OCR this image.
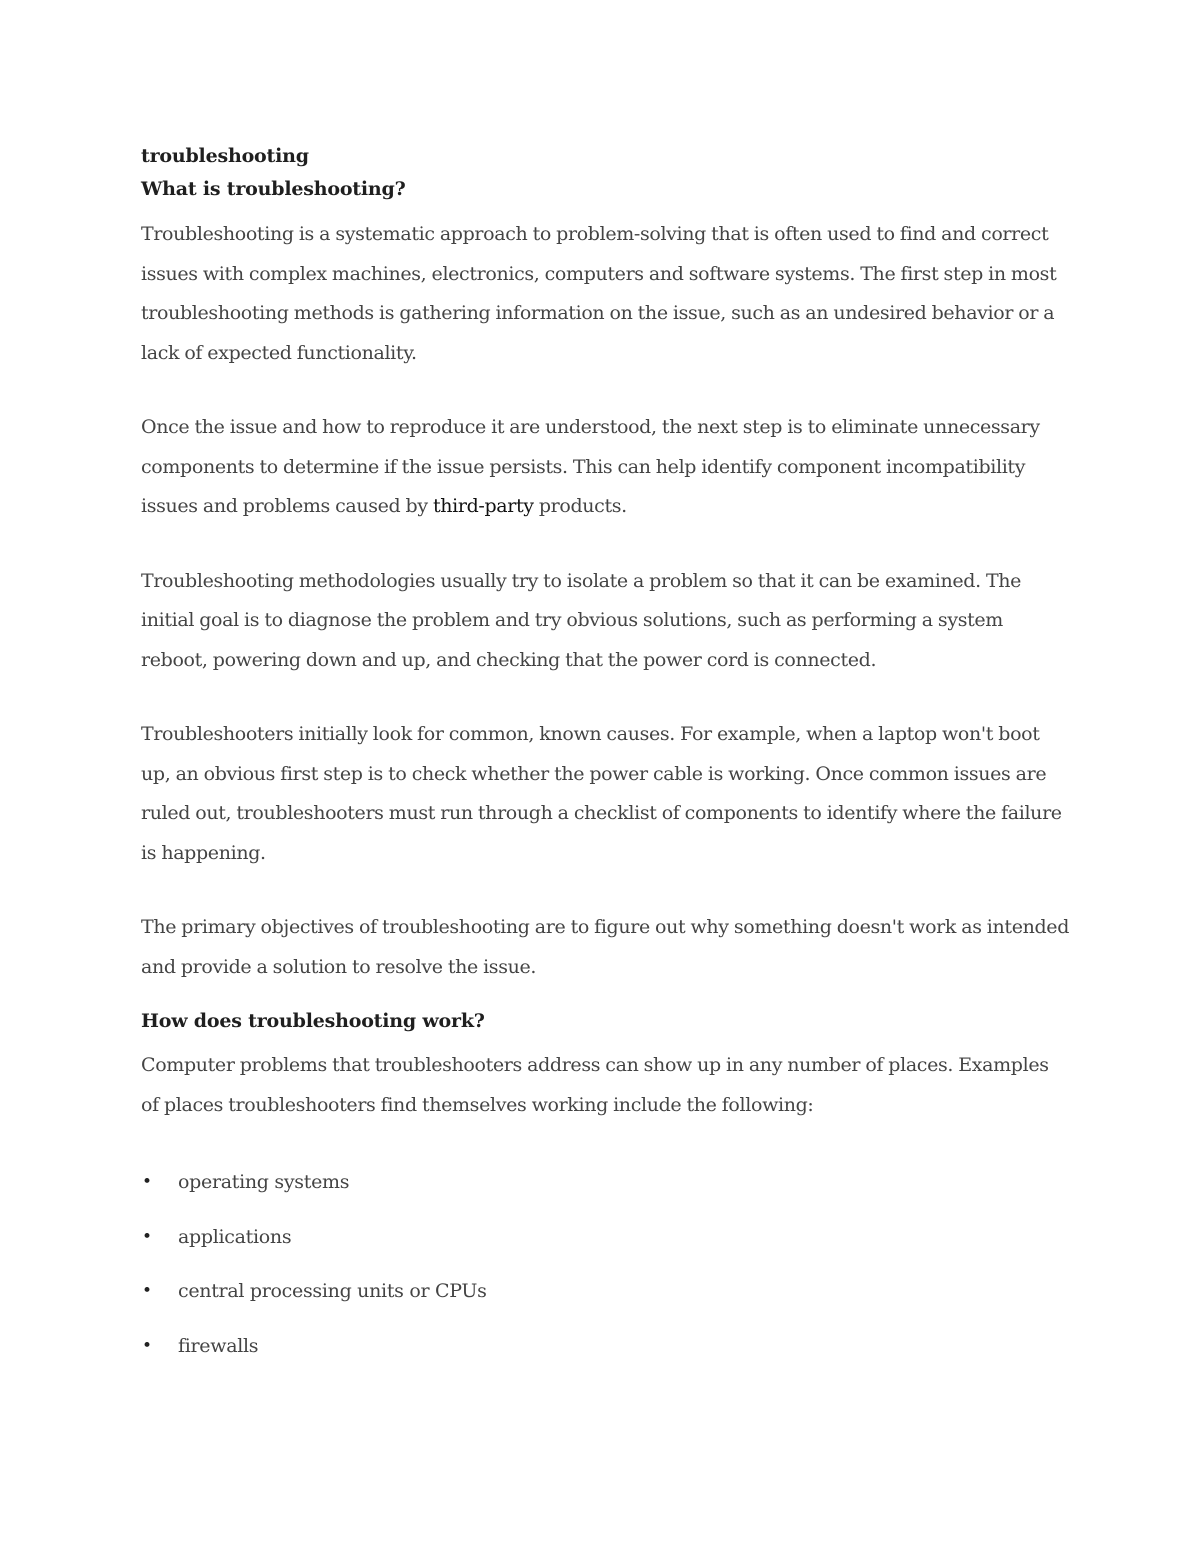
troubleshooting
What is troubleshooting?

Troubleshooting is a systematic approach to problem-solving that is often used to find and correct issues with complex machines, electronics, computers and software systems. The first step in most troubleshooting methods is gathering information on the issue, such as an undesired behavior or a lack of expected functionality.

Once the issue and how to reproduce it are understood, the next step is to eliminate unnecessary components to determine if the issue persists. This can help identify component incompatibility issues and problems caused by third-party products.

Troubleshooting methodologies usually try to isolate a problem so that it can be examined. The initial goal is to diagnose the problem and try obvious solutions, such as performing a system reboot, powering down and up, and checking that the power cord is connected.

Troubleshooters initially look for common, known causes. For example, when a laptop won't boot up, an obvious first step is to check whether the power cable is working. Once common issues are ruled out, troubleshooters must run through a checklist of components to identify where the failure is happening.

The primary objectives of troubleshooting are to figure out why something doesn't work as intended and provide a solution to resolve the issue.

How does troubleshooting work?

Computer problems that troubleshooters address can show up in any number of places. Examples of places troubleshooters find themselves working include the following:

• operating systems
• applications
• central processing units or CPUs
• firewalls
